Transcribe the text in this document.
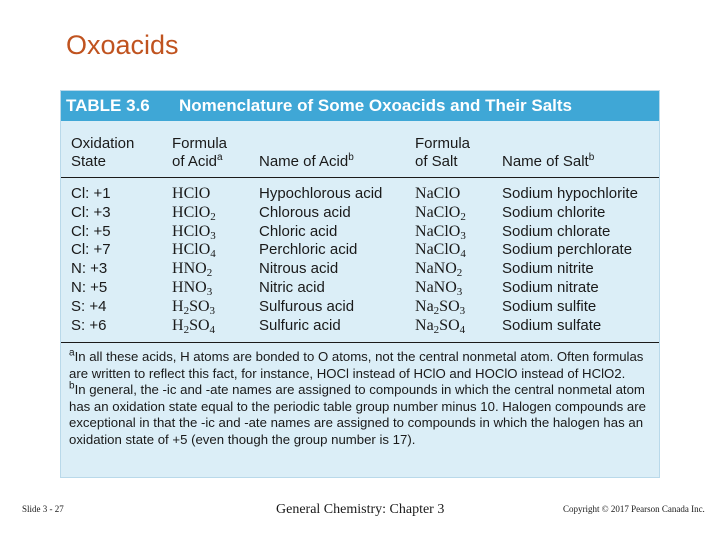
Oxoacids
TABLE 3.6 Nomenclature of Some Oxoacids and Their Salts
Oxidation
State
Formula
of Acid$^a$ Name of Acid$^b$
Formula
of Salt	Name of Salt$^b$
Cl: +1	HClO	Hypochlorous acid NaClO	Sodium hypochlorite
Cl: +3	HClO2	Chlorous acid	NaClO2 Sodium chlorite
Cl: +5	HClO3	Chloric acid	NaClO3 Sodium chlorate
Cl: +7	HClO4	Perchloric acid	NaClO4 Sodium perchlorate
N: +3	HNO2	Nitrous acid	NaNO2	Sodium nitrite
N: +5	HNO3	Nitric acid	NaNO3	Sodium nitrate
S: +4	H2SO3	Sulfurous acid	Na2SO3 Sodium sulfite
S: +6	H2SO4	Sulfuric acid	Na2SO4 Sodium sulfate
$^a$In all these acids, H atoms are bonded to O atoms, not the central nonmetal atom. Often formulas are written to reflect this fact, for instance, HOCl instead of HClO and HOClO instead of HClO2.
$^b$In general, the -ic and -ate names are assigned to compounds in which the central nonmetal atom has an oxidation state equal to the periodic table group number minus 10. Halogen compounds are exceptional in that the -ic and -ate names are assigned to compounds in which the halogen has an oxidation state of +5 (even though the group number is 17).
Slide 3 - 27	General Chemistry: Chapter 3	Copyright © 2017 Pearson Canada Inc.
